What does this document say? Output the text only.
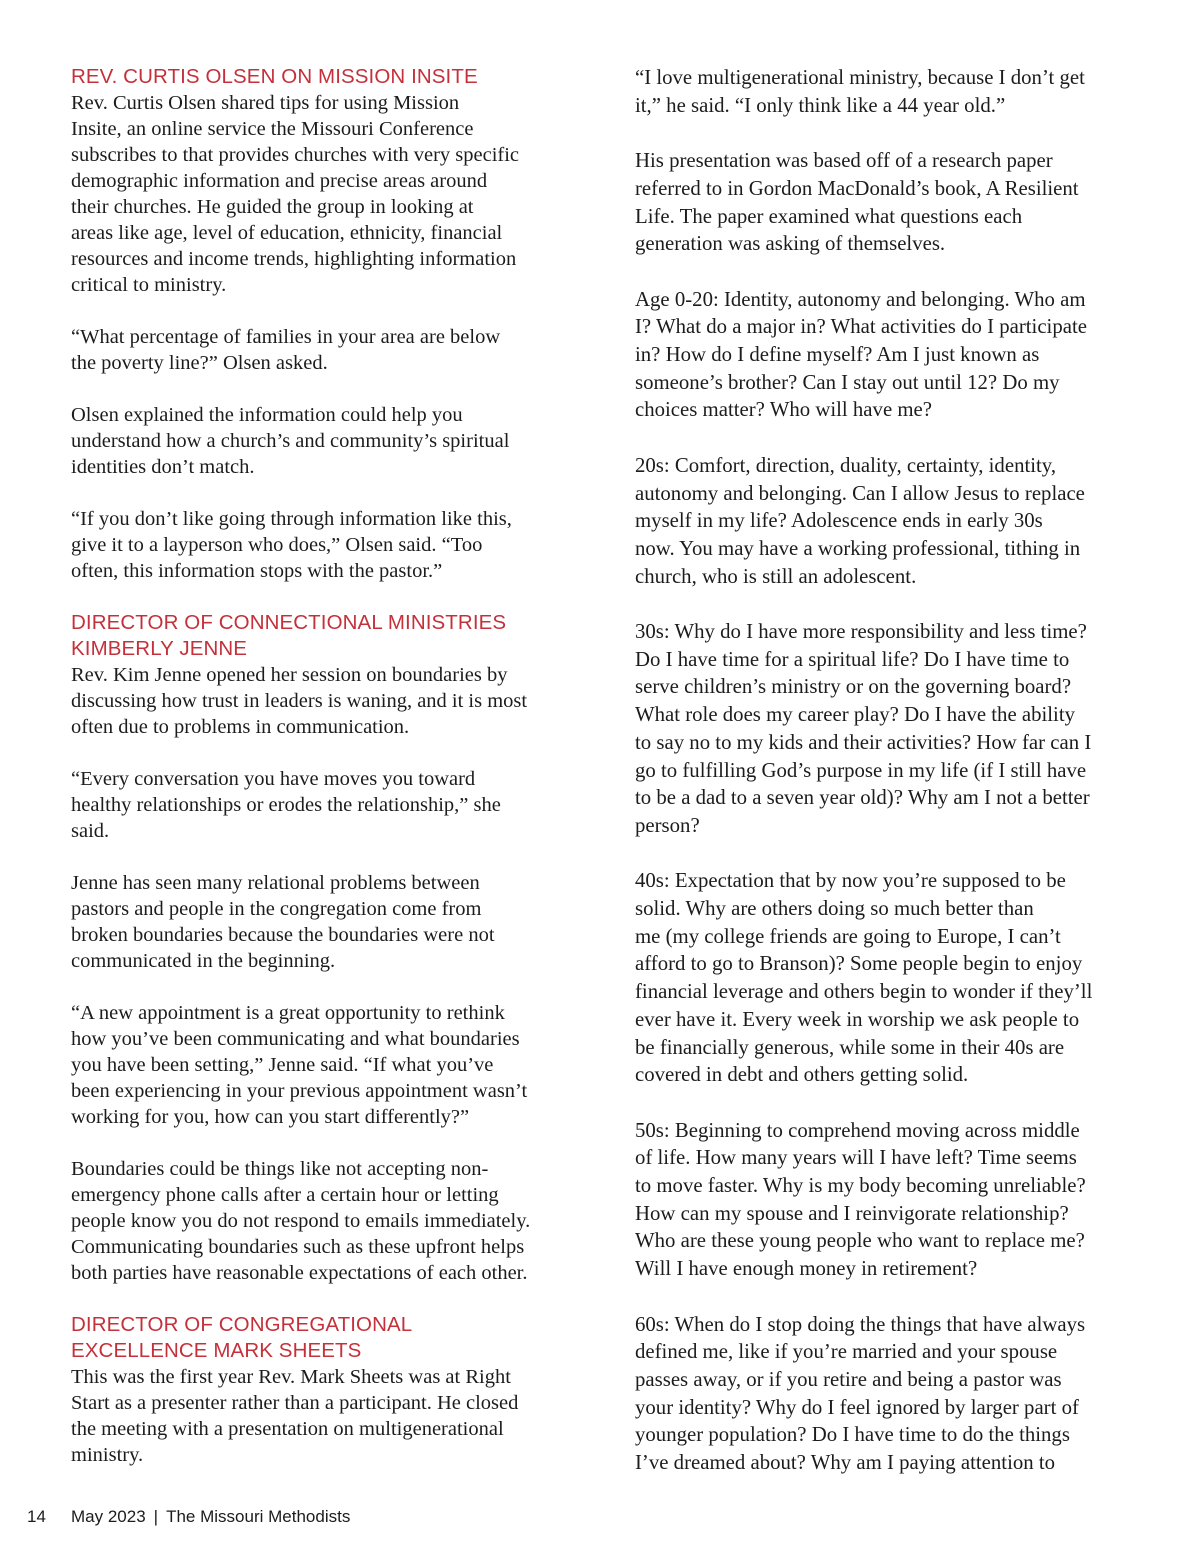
REV. CURTIS OLSEN ON MISSION INSITE

Rev. Curtis Olsen shared tips for using Mission
Insite, an online service the Missouri Conference
subscribes to that provides churches with very specific
demographic information and precise areas around
their churches. He guided the group in looking at
areas like age, level of education, ethnicity, financial
resources and income trends, highlighting information
critical to ministry.

“What percentage of families in your area are below
the poverty line?” Olsen asked.

Olsen explained the information could help you
understand how a church’s and community’s spiritual
identities don’t match.

“If you don’t like going through information like this,
give it to a layperson who does,” Olsen said. “Too
often, this information stops with the pastor.”

DIRECTOR OF CONNECTIONAL MINISTRIES
KIMBERLY JENNE

Rev. Kim Jenne opened her session on boundaries by
discussing how trust in leaders is waning, and it is most
often due to problems in communication.

“Every conversation you have moves you toward
healthy relationships or erodes the relationship,” she
said.

Jenne has seen many relational problems between
pastors and people in the congregation come from
broken boundaries because the boundaries were not
communicated in the beginning.

“A new appointment is a great opportunity to rethink
how you’ve been communicating and what boundaries
you have been setting,” Jenne said. “If what you’ve
been experiencing in your previous appointment wasn’t
working for you, how can you start differently?”

Boundaries could be things like not accepting non-
emergency phone calls after a certain hour or letting
people know you do not respond to emails immediately.
Communicating boundaries such as these upfront helps
both parties have reasonable expectations of each other.

DIRECTOR OF CONGREGATIONAL
EXCELLENCE MARK SHEETS

This was the first year Rev. Mark Sheets was at Right
Start as a presenter rather than a participant. He closed
the meeting with a presentation on multigenerational
ministry.

“I love multigenerational ministry, because I don’t get
it,” he said. “I only think like a 44 year old.”

His presentation was based off of a research paper
referred to in Gordon MacDonald’s book, A Resilient
Life. The paper examined what questions each
generation was asking of themselves.

Age 0-20: Identity, autonomy and belonging. Who am
I? What do a major in? What activities do I participate
in? How do I define myself? Am I just known as
someone’s brother? Can I stay out until 12? Do my
choices matter? Who will have me?

20s: Comfort, direction, duality, certainty, identity,
autonomy and belonging. Can I allow Jesus to replace
myself in my life? Adolescence ends in early 30s
now. You may have a working professional, tithing in
church, who is still an adolescent.

30s: Why do I have more responsibility and less time?
Do I have time for a spiritual life? Do I have time to
serve children’s ministry or on the governing board?
What role does my career play? Do I have the ability
to say no to my kids and their activities? How far can I
go to fulfilling God’s purpose in my life (if I still have
to be a dad to a seven year old)? Why am I not a better
person?

40s: Expectation that by now you’re supposed to be
solid. Why are others doing so much better than
me (my college friends are going to Europe, I can’t
afford to go to Branson)? Some people begin to enjoy
financial leverage and others begin to wonder if they’ll
ever have it. Every week in worship we ask people to
be financially generous, while some in their 40s are
covered in debt and others getting solid.

50s: Beginning to comprehend moving across middle
of life. How many years will I have left? Time seems
to move faster. Why is my body becoming unreliable?
How can my spouse and I reinvigorate relationship?
Who are these young people who want to replace me?
Will I have enough money in retirement?

60s: When do I stop doing the things that have always
defined me, like if you’re married and your spouse
passes away, or if you retire and being a pastor was
your identity? Why do I feel ignored by larger part of
younger population? Do I have time to do the things
I’ve dreamed about? Why am I paying attention to

14	May 2023 | The Missouri Methodists
